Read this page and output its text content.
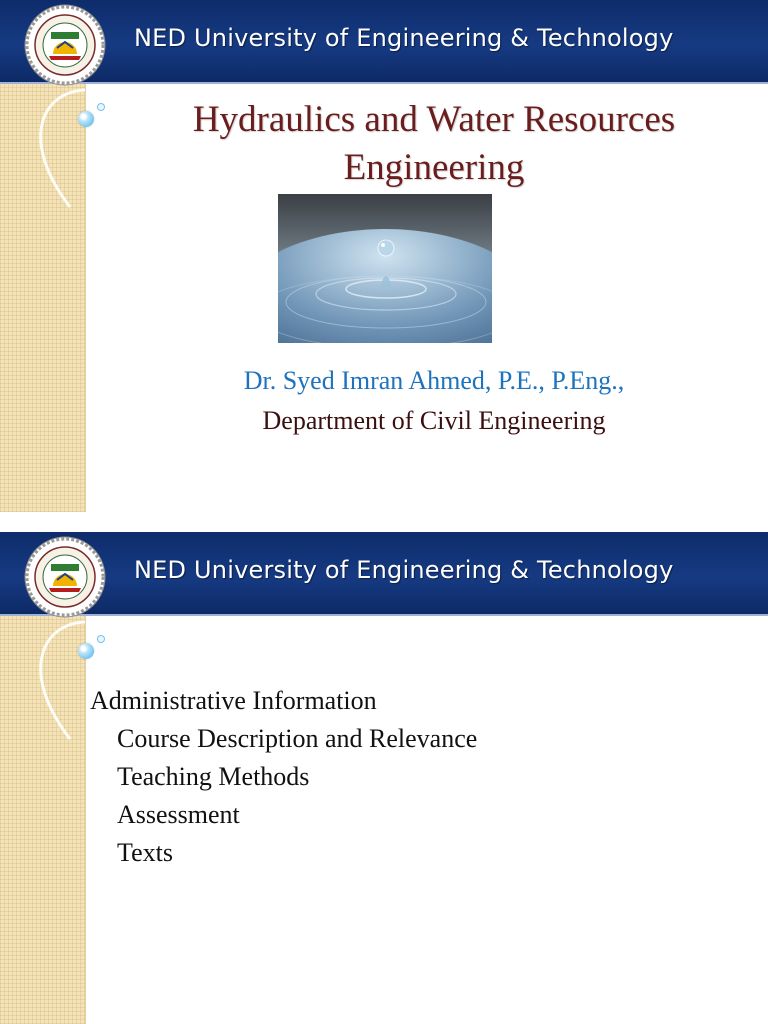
NED University of Engineering & Technology
Hydraulics and Water Resources
Engineering
Dr. Syed Imran Ahmed, P.E., P.Eng.,
Department of Civil Engineering
NED University of Engineering & Technology
Administrative Information
Course Description and Relevance
Teaching Methods
Assessment
Texts
